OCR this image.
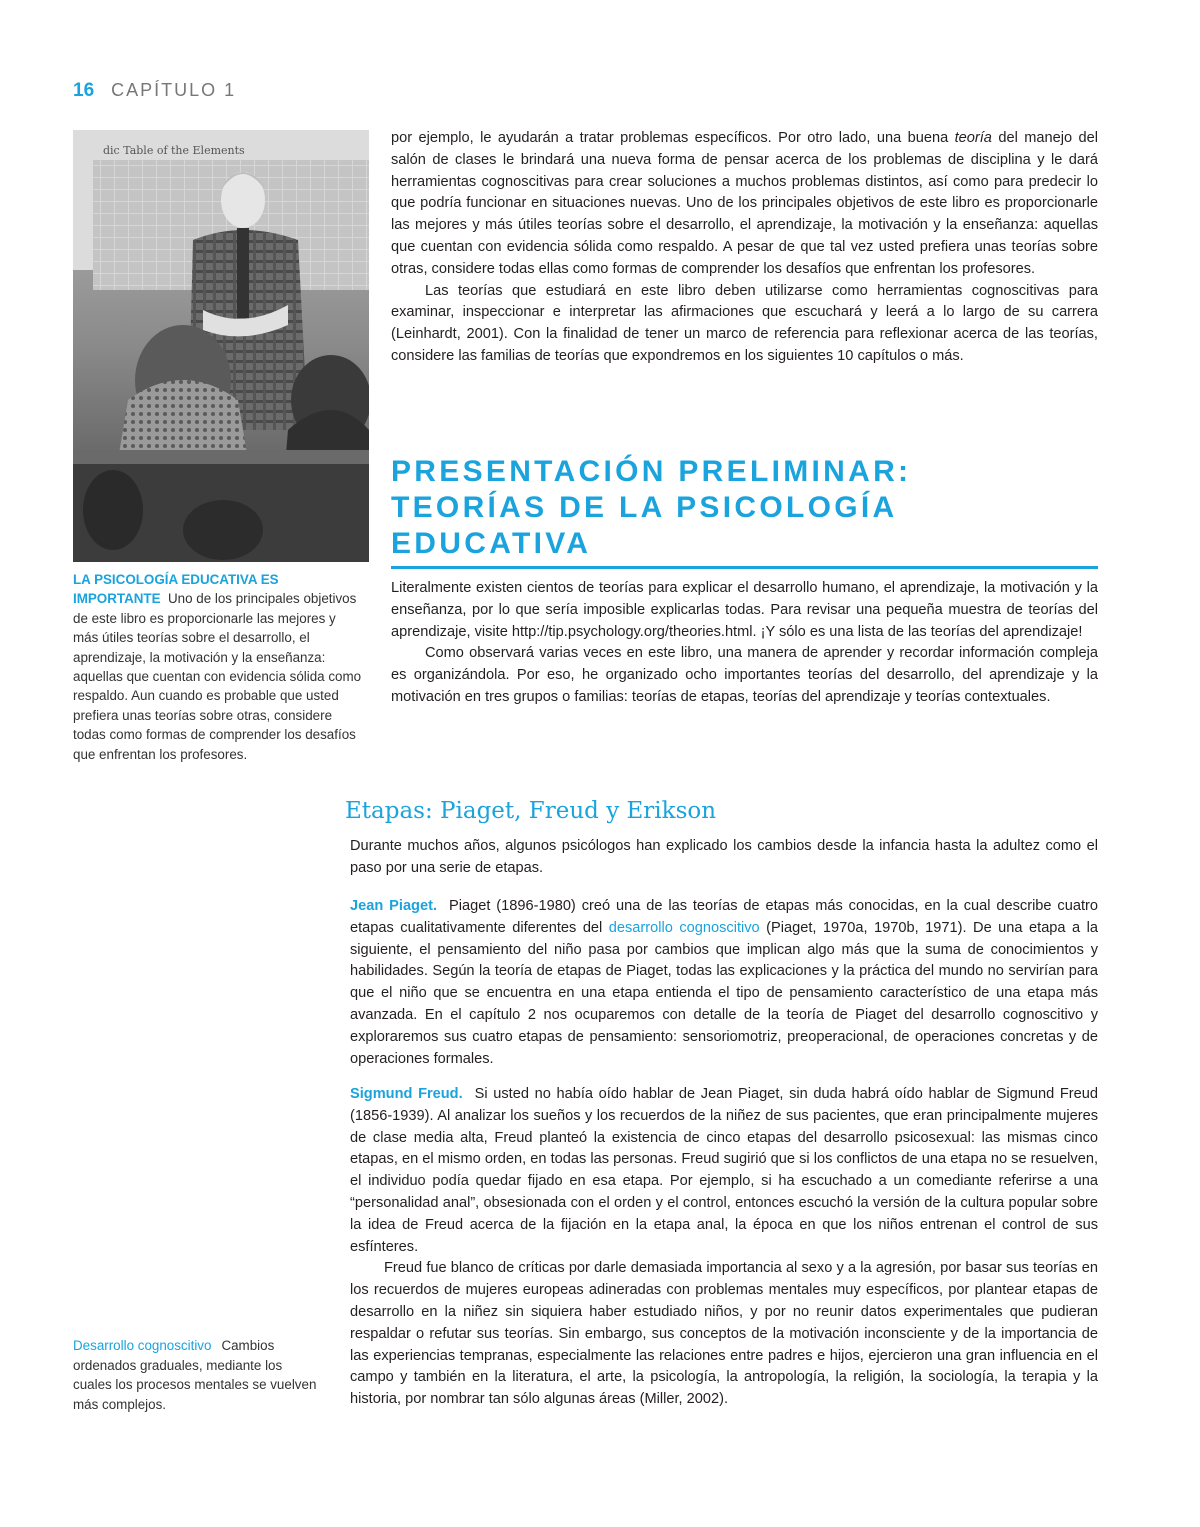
16 CAPÍTULO 1
dic Table of the Elements
LA PSICOLOGÍA EDUCATIVA ES IMPORTANTE Uno de los principales objetivos de este libro es proporcionarle las mejores y más útiles teorías sobre el desarrollo, el aprendizaje, la motivación y la enseñanza: aquellas que cuentan con evidencia sólida como respaldo. Aun cuando es probable que usted prefiera unas teorías sobre otras, considere todas como formas de comprender los desafíos que enfrentan los profesores.
Desarrollo cognoscitivo Cambios ordenados graduales, mediante los cuales los procesos mentales se vuelven más complejos.

por ejemplo, le ayudarán a tratar problemas específicos. Por otro lado, una buena teoría del manejo del salón de clases le brindará una nueva forma de pensar acerca de los problemas de disciplina y le dará herramientas cognoscitivas para crear soluciones a muchos problemas distintos, así como para predecir lo que podría funcionar en situaciones nuevas. Uno de los principales objetivos de este libro es proporcionarle las mejores y más útiles teorías sobre el desarrollo, el aprendizaje, la motivación y la enseñanza: aquellas que cuentan con evidencia sólida como respaldo. A pesar de que tal vez usted prefiera unas teorías sobre otras, considere todas ellas como formas de comprender los desafíos que enfrentan los profesores.

Las teorías que estudiará en este libro deben utilizarse como herramientas cognoscitivas para examinar, inspeccionar e interpretar las afirmaciones que escuchará y leerá a lo largo de su carrera (Leinhardt, 2001). Con la finalidad de tener un marco de referencia para reflexionar acerca de las teorías, considere las familias de teorías que expondremos en los siguientes 10 capítulos o más.

PRESENTACIÓN PRELIMINAR:
TEORÍAS DE LA PSICOLOGÍA
EDUCATIVA

Literalmente existen cientos de teorías para explicar el desarrollo humano, el aprendizaje, la motivación y la enseñanza, por lo que sería imposible explicarlas todas. Para revisar una pequeña muestra de teorías del aprendizaje, visite http://tip.psychology.org/theories.html. ¡Y sólo es una lista de las teorías del aprendizaje!

Como observará varias veces en este libro, una manera de aprender y recordar información compleja es organizándola. Por eso, he organizado ocho importantes teorías del desarrollo, del aprendizaje y la motivación en tres grupos o familias: teorías de etapas, teorías del aprendizaje y teorías contextuales.

Etapas: Piaget, Freud y Erikson
Durante muchos años, algunos psicólogos han explicado los cambios desde la infancia hasta la adultez como el paso por una serie de etapas.

Jean Piaget. Piaget (1896-1980) creó una de las teorías de etapas más conocidas, en la cual describe cuatro etapas cualitativamente diferentes del desarrollo cognoscitivo (Piaget, 1970a, 1970b, 1971). De una etapa a la siguiente, el pensamiento del niño pasa por cambios que implican algo más que la suma de conocimientos y habilidades. Según la teoría de etapas de Piaget, todas las explicaciones y la práctica del mundo no servirían para que el niño que se encuentra en una etapa entienda el tipo de pensamiento característico de una etapa más avanzada. En el capítulo 2 nos ocuparemos con detalle de la teoría de Piaget del desarrollo cognoscitivo y exploraremos sus cuatro etapas de pensamiento: sensoriomotriz, preoperacional, de operaciones concretas y de operaciones formales.

Sigmund Freud. Si usted no había oído hablar de Jean Piaget, sin duda habrá oído hablar de Sigmund Freud (1856-1939). Al analizar los sueños y los recuerdos de la niñez de sus pacientes, que eran principalmente mujeres de clase media alta, Freud planteó la existencia de cinco etapas del desarrollo psicosexual: las mismas cinco etapas, en el mismo orden, en todas las personas. Freud sugirió que si los conflictos de una etapa no se resuelven, el individuo podía quedar fijado en esa etapa. Por ejemplo, si ha escuchado a un comediante referirse a una “personalidad anal”, obsesionada con el orden y el control, entonces escuchó la versión de la cultura popular sobre la idea de Freud acerca de la fijación en la etapa anal, la época en que los niños entrenan el control de sus esfínteres.

Freud fue blanco de críticas por darle demasiada importancia al sexo y a la agresión, por basar sus teorías en los recuerdos de mujeres europeas adineradas con problemas mentales muy específicos, por plantear etapas de desarrollo en la niñez sin siquiera haber estudiado niños, y por no reunir datos experimentales que pudieran respaldar o refutar sus teorías. Sin embargo, sus conceptos de la motivación inconsciente y de la importancia de las experiencias tempranas, especialmente las relaciones entre padres e hijos, ejercieron una gran influencia en el campo y también en la literatura, el arte, la psicología, la antropología, la religión, la sociología, la terapia y la historia, por nombrar tan sólo algunas áreas (Miller, 2002).
